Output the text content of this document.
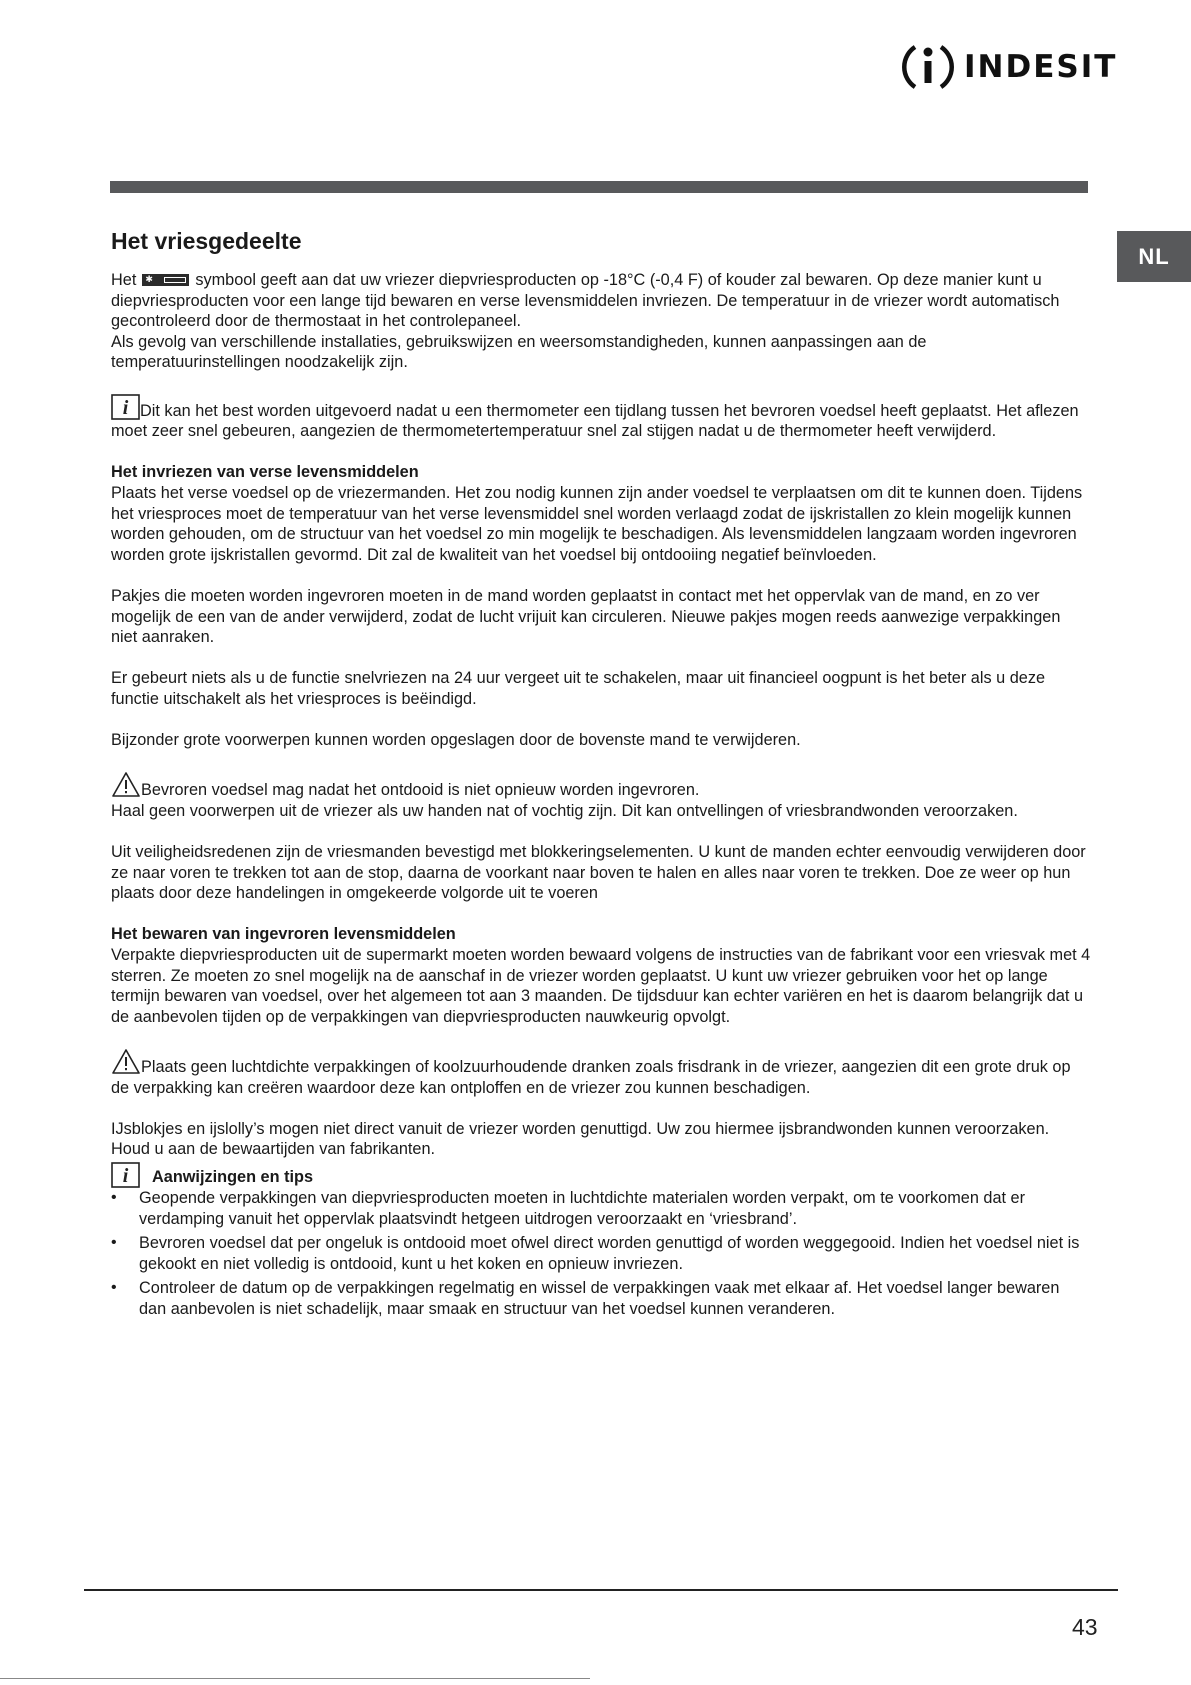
INDESIT
NL
Het vriesgedeelte

Het ✱	symbool geeft aan dat uw vriezer diepvriesproducten op -18°C (-0,4 F) of kouder zal bewaren. Op deze manier kunt u diepvriesproducten voor een lange tijd bewaren en verse levensmiddelen invriezen. De temperatuur in de vriezer wordt automatisch gecontroleerd door de thermostaat in het controlepaneel.

Als gevolg van verschillende installaties, gebruikswijzen en weersomstandigheden, kunnen aanpassingen aan de temperatuurinstellingen noodzakelijk zijn.

i Dit kan het best worden uitgevoerd nadat u een thermometer een tijdlang tussen het bevroren voedsel heeft geplaatst. Het aflezen moet zeer snel gebeuren, aangezien de thermometertemperatuur snel zal stijgen nadat u de thermometer heeft verwijderd.

Het invriezen van verse levensmiddelen

Plaats het verse voedsel op de vriezermanden. Het zou nodig kunnen zijn ander voedsel te verplaatsen om dit te kunnen doen. Tijdens het vriesproces moet de temperatuur van het verse levensmiddel snel worden verlaagd zodat de ijskristallen zo klein mogelijk kunnen worden gehouden, om de structuur van het voedsel zo min mogelijk te beschadigen. Als levensmiddelen langzaam worden ingevroren worden grote ijskristallen gevormd. Dit zal de kwaliteit van het voedsel bij ontdooiing negatief beïnvloeden.

Pakjes die moeten worden ingevroren moeten in de mand worden geplaatst in contact met het oppervlak van de mand, en zo ver mogelijk de een van de ander verwijderd, zodat de lucht vrijuit kan circuleren. Nieuwe pakjes mogen reeds aanwezige verpakkingen niet aanraken.

Er gebeurt niets als u de functie snelvriezen na 24 uur vergeet uit te schakelen, maar uit financieel oogpunt is het beter als u deze functie uitschakelt als het vriesproces is beëindigd.

Bijzonder grote voorwerpen kunnen worden opgeslagen door de bovenste mand te verwijderen.

Bevroren voedsel mag nadat het ontdooid is niet opnieuw worden ingevroren.

Haal geen voorwerpen uit de vriezer als uw handen nat of vochtig zijn. Dit kan ontvellingen of vriesbrandwonden veroorzaken.

Uit veiligheidsredenen zijn de vriesmanden bevestigd met blokkeringselementen. U kunt de manden echter eenvoudig verwijderen door ze naar voren te trekken tot aan de stop, daarna de voorkant naar boven te halen en alles naar voren te trekken. Doe ze weer op hun plaats door deze handelingen in omgekeerde volgorde uit te voeren

Het bewaren van ingevroren levensmiddelen

Verpakte diepvriesproducten uit de supermarkt moeten worden bewaard volgens de instructies van de fabrikant voor een vriesvak met 4 sterren. Ze moeten zo snel mogelijk na de aanschaf in de vriezer worden geplaatst. U kunt uw vriezer gebruiken voor het op lange termijn bewaren van voedsel, over het algemeen tot aan 3 maanden. De tijdsduur kan echter variëren en het is daarom belangrijk dat u de aanbevolen tijden op de verpakkingen van diepvriesproducten nauwkeurig opvolgt.

Plaats geen luchtdichte verpakkingen of koolzuurhoudende dranken zoals frisdrank in de vriezer, aangezien dit een grote druk op de verpakking kan creëren waardoor deze kan ontploffen en de vriezer zou kunnen beschadigen.

IJsblokjes en ijslolly’s mogen niet direct vanuit de vriezer worden genuttigd. Uw zou hiermee ijsbrandwonden kunnen veroorzaken.

Houd u aan de bewaartijden van fabrikanten.

i Aanwijzingen en tips
• Geopende verpakkingen van diepvriesproducten moeten in luchtdichte materialen worden verpakt, om te voorkomen dat er verdamping vanuit het oppervlak plaatsvindt hetgeen uitdrogen veroorzaakt en ‘vriesbrand’.
• Bevroren voedsel dat per ongeluk is ontdooid moet ofwel direct worden genuttigd of worden weggegooid. Indien het voedsel niet is gekookt en niet volledig is ontdooid, kunt u het koken en opnieuw invriezen.
• Controleer de datum op de verpakkingen regelmatig en wissel de verpakkingen vaak met elkaar af. Het voedsel langer bewaren dan aanbevolen is niet schadelijk, maar smaak en structuur van het voedsel kunnen veranderen.
43
